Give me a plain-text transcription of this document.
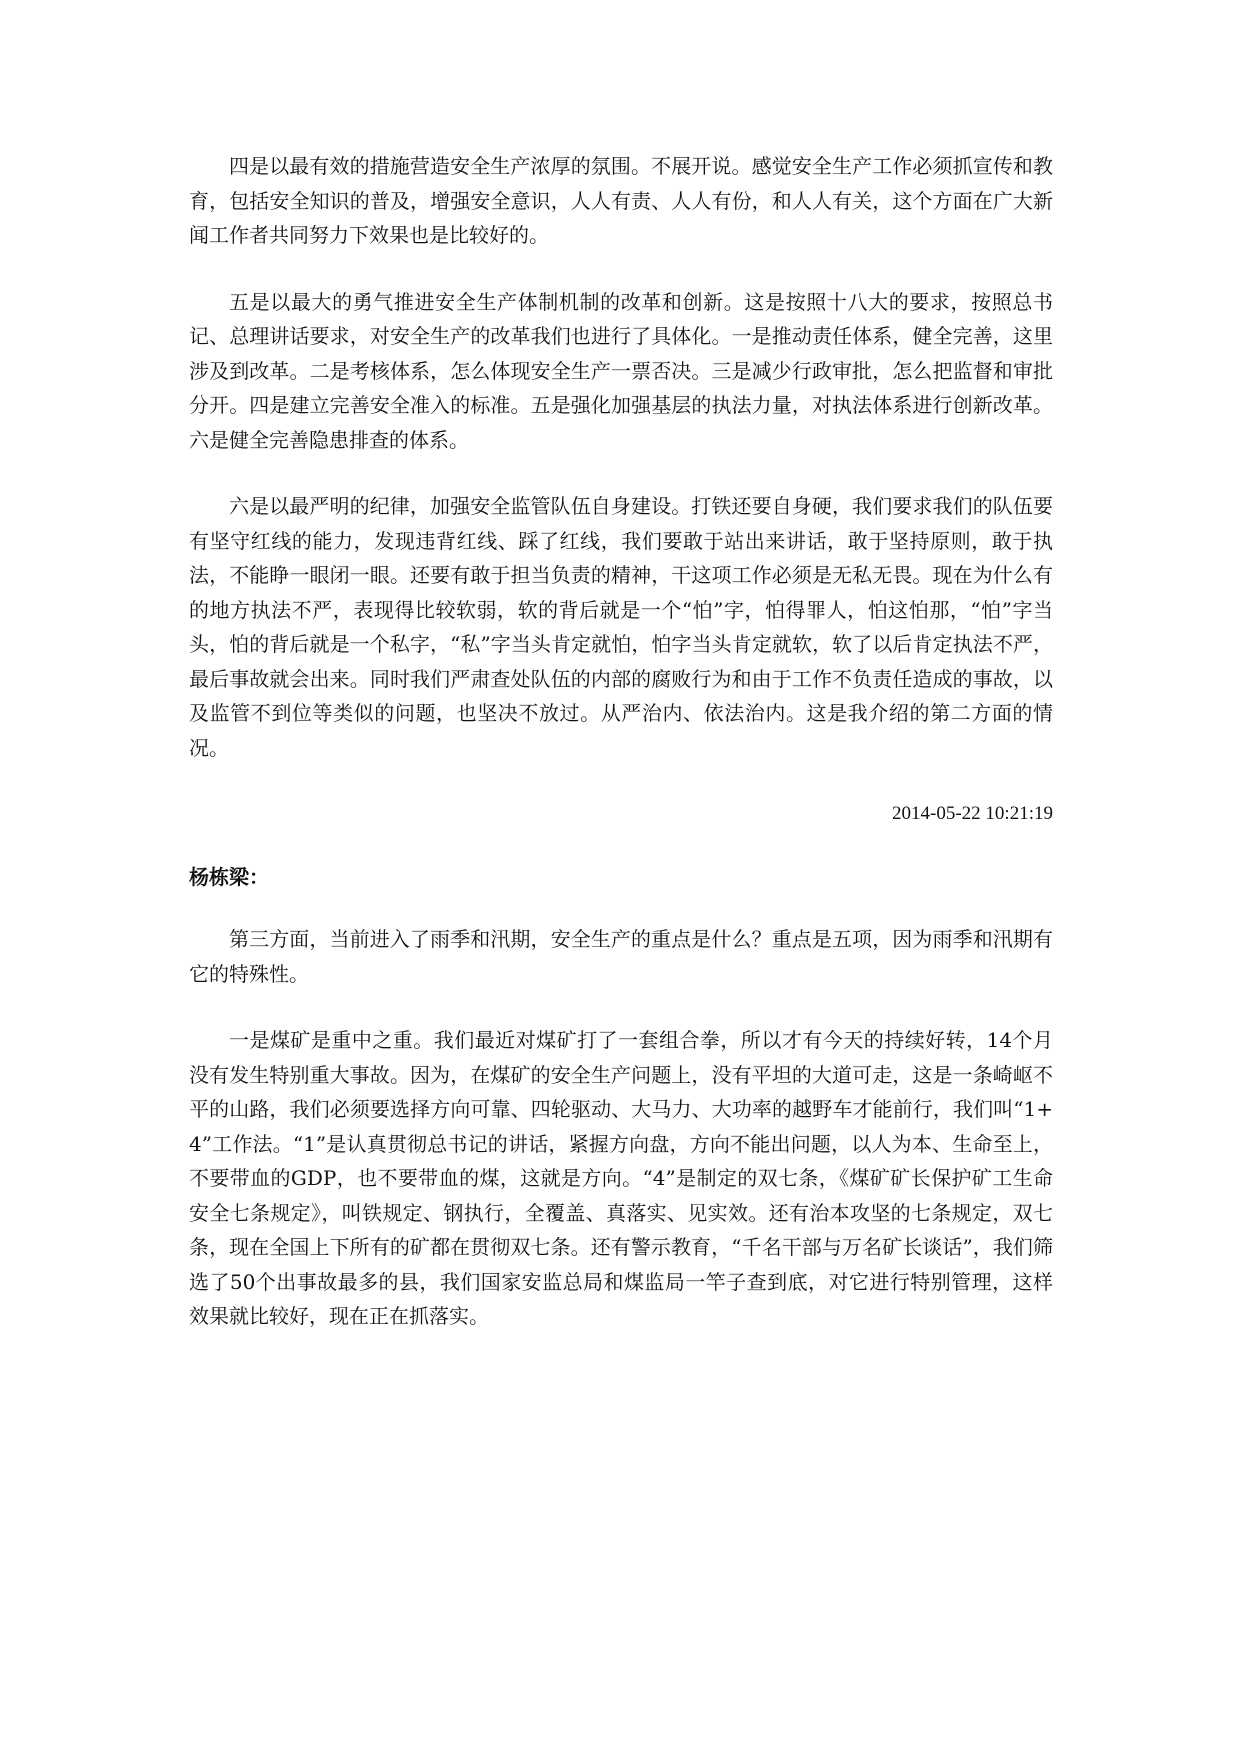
四是以最有效的措施营造安全生产浓厚的氛围。不展开说。感觉安全生产工作必须抓宣传和教育，包括安全知识的普及，增强安全意识，人人有责、人人有份，和人人有关，这个方面在广大新闻工作者共同努力下效果也是比较好的。

五是以最大的勇气推进安全生产体制机制的改革和创新。这是按照十八大的要求，按照总书记、总理讲话要求，对安全生产的改革我们也进行了具体化。一是推动责任体系，健全完善，这里涉及到改革。二是考核体系，怎么体现安全生产一票否决。三是减少行政审批，怎么把监督和审批分开。四是建立完善安全准入的标准。五是强化加强基层的执法力量，对执法体系进行创新改革。六是健全完善隐患排查的体系。

六是以最严明的纪律，加强安全监管队伍自身建设。打铁还要自身硬，我们要求我们的队伍要有坚守红线的能力，发现违背红线、踩了红线，我们要敢于站出来讲话，敢于坚持原则，敢于执法，不能睁一眼闭一眼。还要有敢于担当负责的精神，干这项工作必须是无私无畏。现在为什么有的地方执法不严，表现得比较软弱，软的背后就是一个“怕”字，怕得罪人，怕这怕那，“怕”字当头，怕的背后就是一个私字，“私”字当头肯定就怕，怕字当头肯定就软，软了以后肯定执法不严，最后事故就会出来。同时我们严肃查处队伍的内部的腐败行为和由于工作不负责任造成的事故，以及监管不到位等类似的问题，也坚决不放过。从严治内、依法治内。这是我介绍的第二方面的情况。

2014-05-22 10:21:19
杨栋梁：

第三方面，当前进入了雨季和汛期，安全生产的重点是什么？重点是五项，因为雨季和汛期有它的特殊性。

一是煤矿是重中之重。我们最近对煤矿打了一套组合拳，所以才有今天的持续好转，14个月没有发生特别重大事故。因为，在煤矿的安全生产问题上，没有平坦的大道可走，这是一条崎岖不平的山路，我们必须要选择方向可靠、四轮驱动、大马力、大功率的越野车才能前行，我们叫“1+4”工作法。“1”是认真贯彻总书记的讲话，紧握方向盘，方向不能出问题，以人为本、生命至上，不要带血的GDP，也不要带血的煤，这就是方向。“4”是制定的双七条，《煤矿矿长保护矿工生命安全七条规定》，叫铁规定、钢执行，全覆盖、真落实、见实效。还有治本攻坚的七条规定，双七条，现在全国上下所有的矿都在贯彻双七条。还有警示教育，“千名干部与万名矿长谈话”，我们筛选了50个出事故最多的县，我们国家安监总局和煤监局一竿子查到底，对它进行特别管理，这样效果就比较好，现在正在抓落实。
